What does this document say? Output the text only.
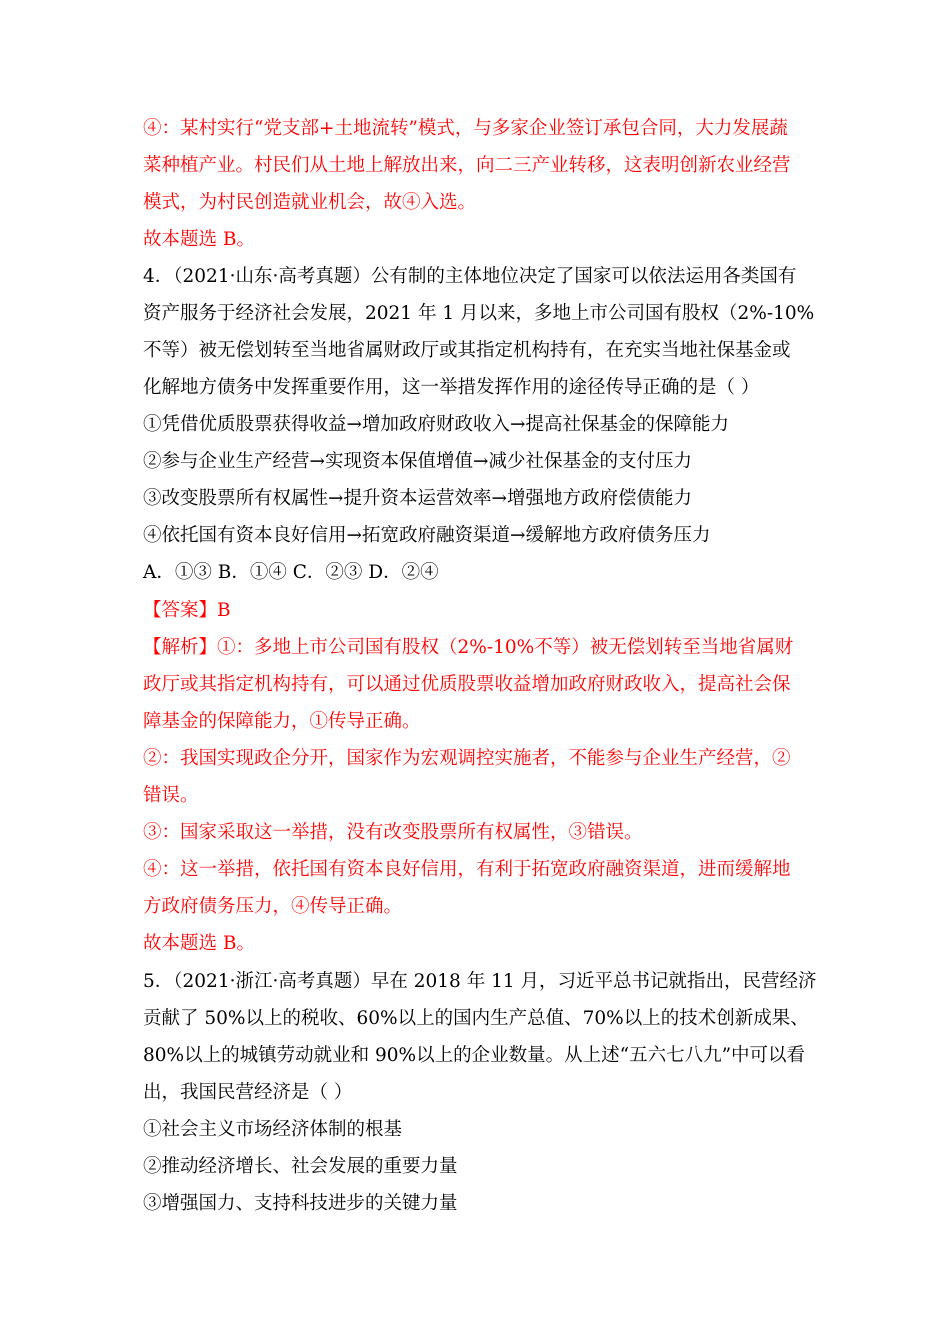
④：某村实行“党支部+土地流转”模式，与多家企业签订承包合同，大力发展蔬
菜种植产业。村民们从土地上解放出来，向二三产业转移，这表明创新农业经营
模式，为村民创造就业机会，故④入选。
故本题选 B。
4．（2021·山东·高考真题）公有制的主体地位决定了国家可以依法运用各类国有
资产服务于经济社会发展，2021 年 1 月以来，多地上市公司国有股权（2%-10%
不等）被无偿划转至当地省属财政厅或其指定机构持有，在充实当地社保基金或
化解地方债务中发挥重要作用，这一举措发挥作用的途径传导正确的是（ ）
①凭借优质股票获得收益→增加政府财政收入→提高社保基金的保障能力
②参与企业生产经营→实现资本保值增值→减少社保基金的支付压力
③改变股票所有权属性→提升资本运营效率→增强地方政府偿债能力
④依托国有资本良好信用→拓宽政府融资渠道→缓解地方政府债务压力
A．①③ B．①④ C．②③ D．②④
【答案】B
【解析】①：多地上市公司国有股权（2%-10%不等）被无偿划转至当地省属财
政厅或其指定机构持有，可以通过优质股票收益增加政府财政收入，提高社会保
障基金的保障能力，①传导正确。
②：我国实现政企分开，国家作为宏观调控实施者，不能参与企业生产经营，②
错误。
③：国家采取这一举措，没有改变股票所有权属性，③错误。
④：这一举措，依托国有资本良好信用，有利于拓宽政府融资渠道，进而缓解地
方政府债务压力，④传导正确。
故本题选 B。
5．（2021·浙江·高考真题）早在 2018 年 11 月，习近平总书记就指出，民营经济
贡献了 50%以上的税收、60%以上的国内生产总值、70%以上的技术创新成果、
80%以上的城镇劳动就业和 90%以上的企业数量。从上述“五六七八九”中可以看
出，我国民营经济是（ ）
①社会主义市场经济体制的根基
②推动经济增长、社会发展的重要力量
③增强国力、支持科技进步的关键力量
